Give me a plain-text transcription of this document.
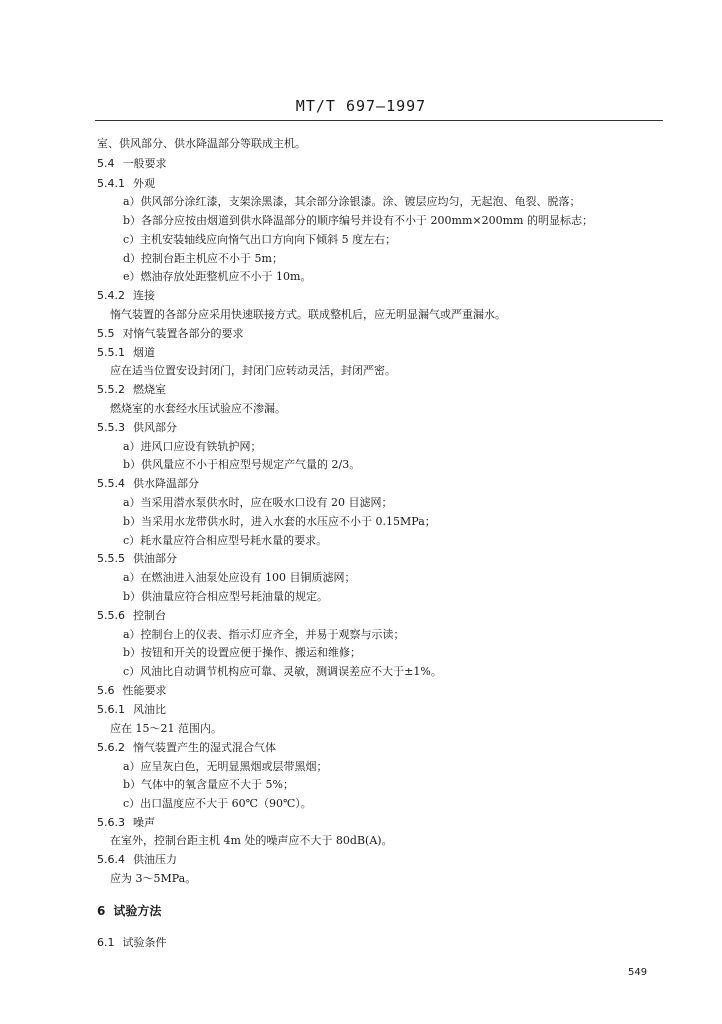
MT/T 697—1997
室、供风部分、供水降温部分等联成主机。
5.4 一般要求
5.4.1 外观
a）供风部分涂红漆，支架涂黑漆，其余部分涂银漆。涂、镀层应均匀，无起泡、龟裂、脱落；
b）各部分应按由烟道到供水降温部分的顺序编号并设有不小于 200mm×200mm 的明显标志；
c）主机安装轴线应向惰气出口方向向下倾斜 5 度左右；
d）控制台距主机应不小于 5m；
e）燃油存放处距整机应不小于 10m。
5.4.2 连接
惰气装置的各部分应采用快速联接方式。联成整机后，应无明显漏气或严重漏水。
5.5 对惰气装置各部分的要求
5.5.1 烟道
应在适当位置安设封闭门，封闭门应转动灵活，封闭严密。
5.5.2 燃烧室
燃烧室的水套经水压试验应不渗漏。
5.5.3 供风部分
a）进风口应设有铁轨护网；
b）供风量应不小于相应型号规定产气量的 2/3。
5.5.4 供水降温部分
a）当采用潜水泵供水时，应在吸水口设有 20 目滤网；
b）当采用水龙带供水时，进入水套的水压应不小于 0.15MPa；
c）耗水量应符合相应型号耗水量的要求。
5.5.5 供油部分
a）在燃油进入油泵处应设有 100 目铜质滤网；
b）供油量应符合相应型号耗油量的规定。
5.5.6 控制台
a）控制台上的仪表、指示灯应齐全，并易于观察与示读；
b）按钮和开关的设置应便于操作、搬运和维修；
c）风油比自动调节机构应可靠、灵敏，测调误差应不大于±1%。
5.6 性能要求
5.6.1 风油比
应在 15～21 范围内。
5.6.2 惰气装置产生的湿式混合气体
a）应呈灰白色，无明显黑烟或层带黑烟；
b）气体中的氧含量应不大于 5%；
c）出口温度应不大于 60℃（90℃）。
5.6.3 噪声
在室外，控制台距主机 4m 处的噪声应不大于 80dB(A)。
5.6.4 供油压力
应为 3～5MPa。
6 试验方法
6.1 试验条件
549
